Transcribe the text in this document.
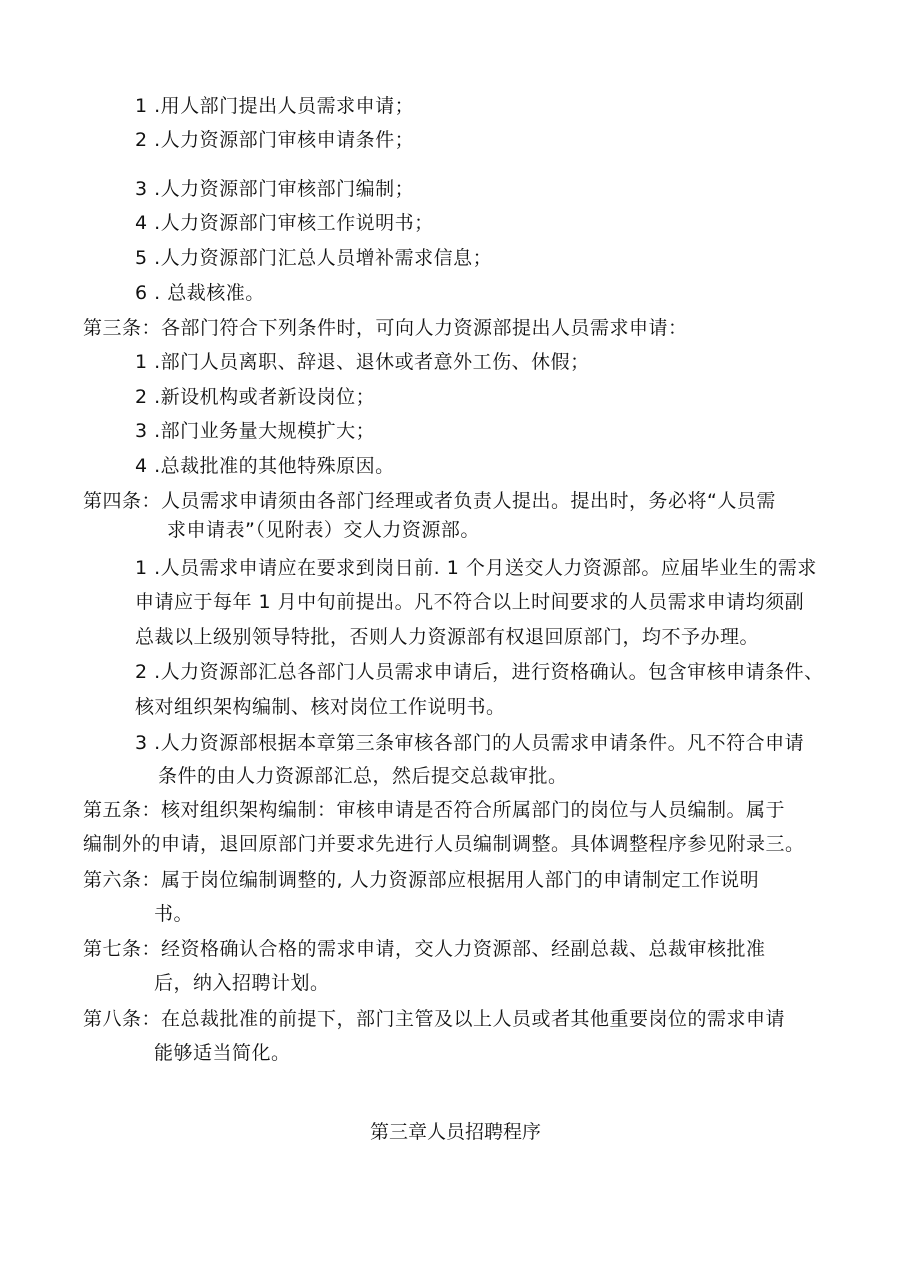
1 .用人部门提出人员需求申请；
2 .人力资源部门审核申请条件；
3 .人力资源部门审核部门编制；
4 .人力资源部门审核工作说明书；
5 .人力资源部门汇总人员增补需求信息；
6 . 总裁核准。
第三条：各部门符合下列条件时，可向人力资源部提出人员需求申请：
1 .部门人员离职、辞退、退休或者意外工伤、休假；
2 .新设机构或者新设岗位；
3 .部门业务量大规模扩大；
4 .总裁批准的其他特殊原因。
第四条：人员需求申请须由各部门经理或者负责人提出。提出时，务必将“人员需
求申请表”（见附表）交人力资源部。
1 .人员需求申请应在要求到岗日前. 1 个月送交人力资源部。应届毕业生的需求
申请应于每年 1 月中旬前提出。凡不符合以上时间要求的人员需求申请均须副
总裁以上级别领导特批，否则人力资源部有权退回原部门，均不予办理。
2 .人力资源部汇总各部门人员需求申请后，进行资格确认。包含审核申请条件、
核对组织架构编制、核对岗位工作说明书。
3 .人力资源部根据本章第三条审核各部门的人员需求申请条件。凡不符合申请
条件的由人力资源部汇总，然后提交总裁审批。
第五条：核对组织架构编制：审核申请是否符合所属部门的岗位与人员编制。属于
编制外的申请，退回原部门并要求先进行人员编制调整。具体调整程序参见附录三。
第六条：属于岗位编制调整的, 人力资源部应根据用人部门的申请制定工作说明
书。
第七条：经资格确认合格的需求申请，交人力资源部、经副总裁、总裁审核批准
后，纳入招聘计划。
第八条：在总裁批准的前提下，部门主管及以上人员或者其他重要岗位的需求申请
能够适当简化。
第三章人员招聘程序
